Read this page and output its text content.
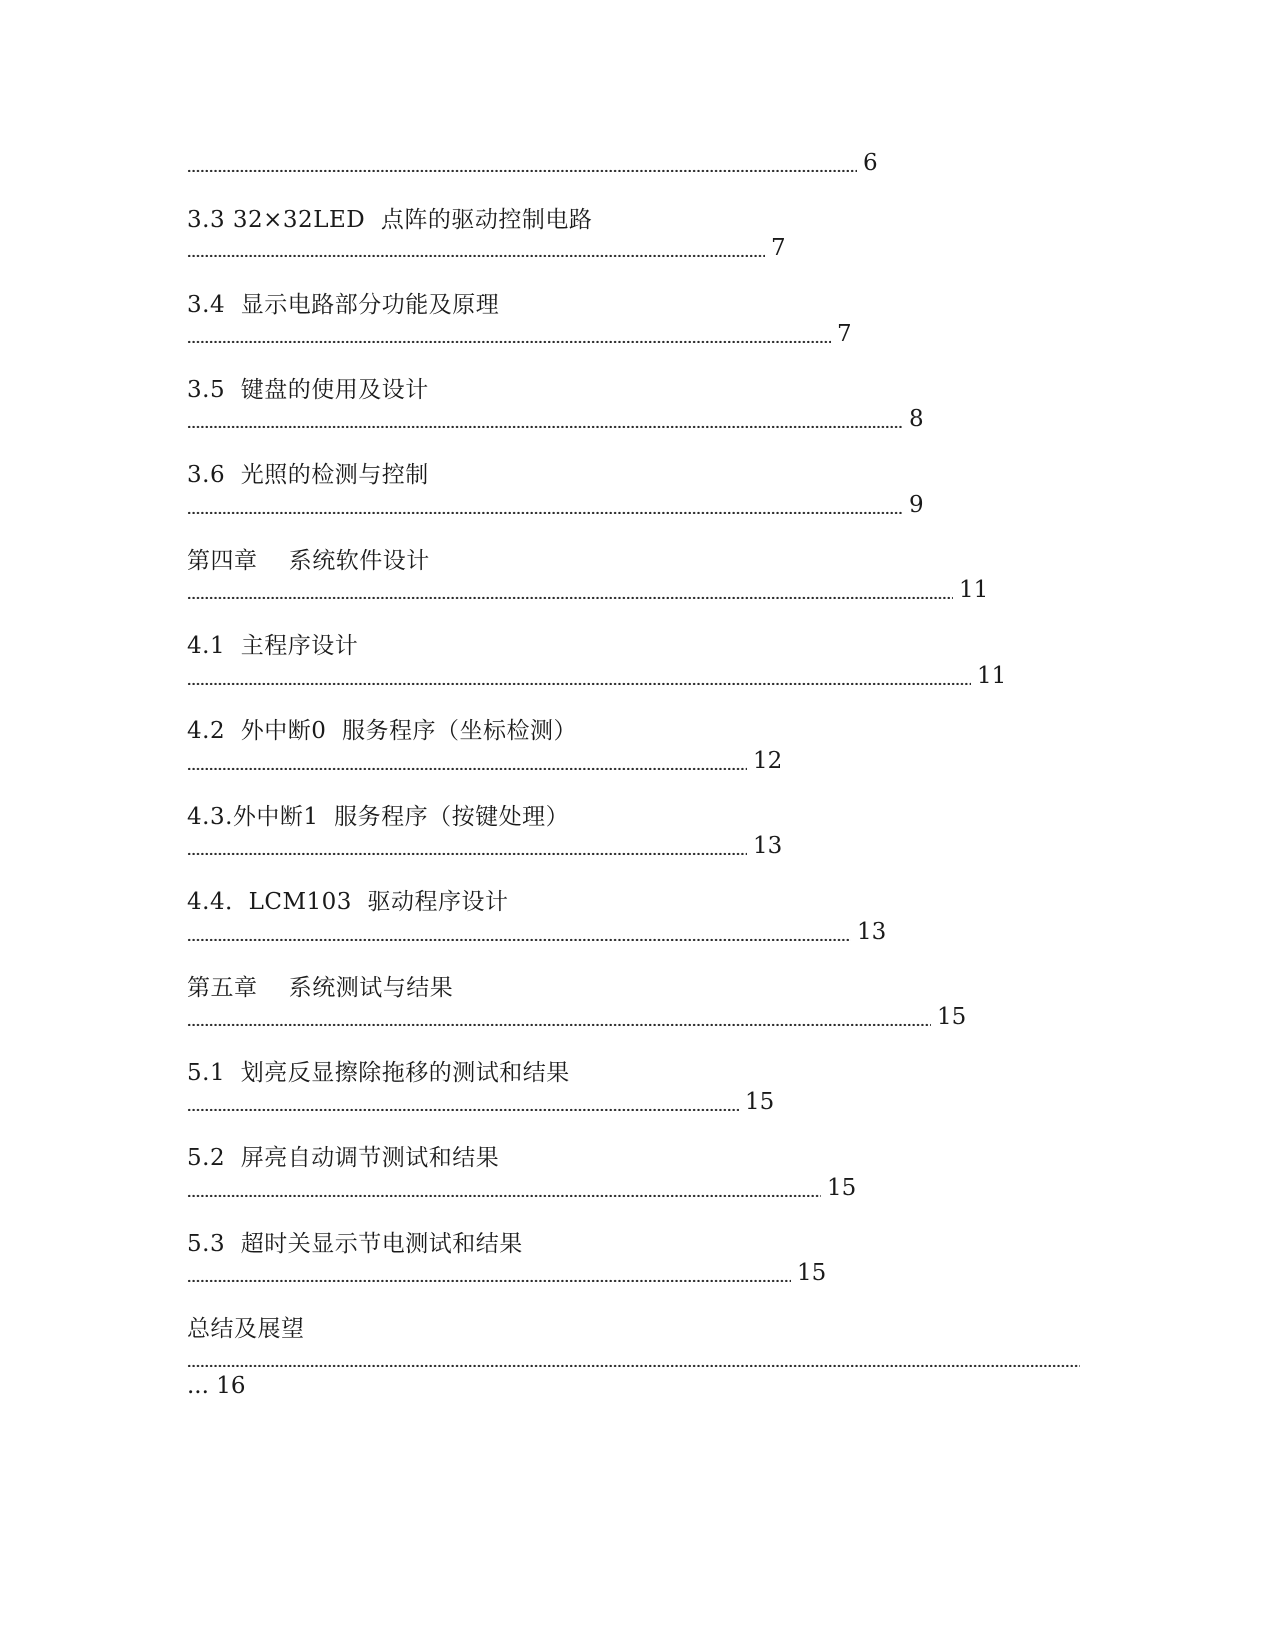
6
3.3 32×32LED  点阵的驱动控制电路
7
3.4  显示电路部分功能及原理
7
3.5  键盘的使用及设计
8
3.6  光照的检测与控制
9
第四章    系统软件设计
11
4.1  主程序设计
11
4.2  外中断0  服务程序（坐标检测）
12
4.3.外中断1  服务程序（按键处理）
13
4.4．LCM103  驱动程序设计
13
第五章    系统测试与结果
15
5.1  划亮反显擦除拖移的测试和结果
15
5.2  屏亮自动调节测试和结果
15
5.3  超时关显示节电测试和结果
15
总结及展望
... 16
